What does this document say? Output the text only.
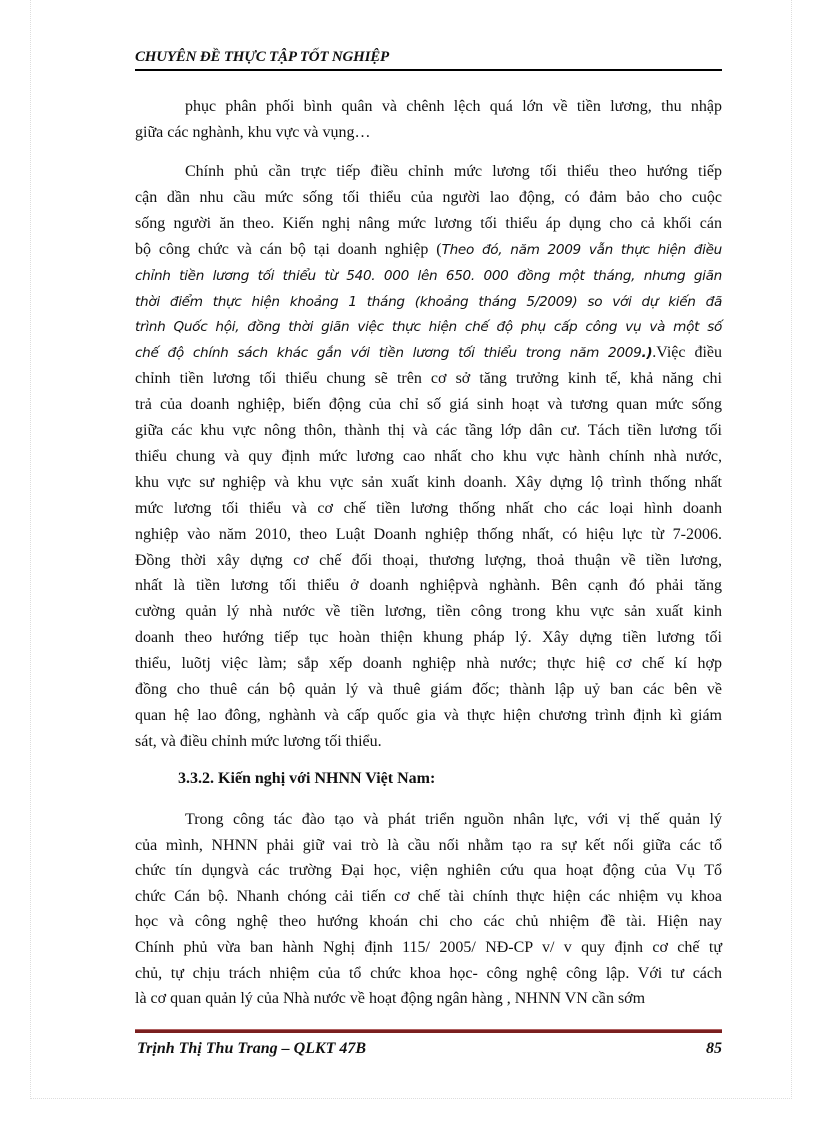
CHUYÊN ĐỀ THỰC TẬP TỐT NGHIỆP
phục phân phối bình quân và chênh lệch quá lớn về tiền lương, thu nhập
giữa các nghành, khu vực và vụng…
Chính phủ cần trực tiếp điều chỉnh mức lương tối thiểu theo hướng tiếp
cận dần nhu cầu mức sống tối thiểu của người lao động, có đảm bảo cho cuộc
sống người ăn theo. Kiến nghị nâng mức lương tối thiểu áp dụng cho cả khối cán
bộ công chức và cán bộ tại doanh nghiệp (Theo đó, năm 2009 vẫn thực hiện điều
chỉnh tiền lương tối thiểu từ 540. 000 lên 650. 000 đồng một tháng, nhưng giãn
thời điểm thực hiện khoảng 1 tháng (khoảng tháng 5/2009) so với dự kiến đã
trình Quốc hội, đồng thời giãn việc thực hiện chế độ phụ cấp công vụ và một số
chế độ chính sách khác gắn với tiền lương tối thiểu trong năm 2009.).Việc điều
chỉnh tiền lương tối thiểu chung sẽ trên cơ sở tăng trưởng kinh tế, khả năng chi
trả của doanh nghiệp, biến động của chỉ số giá sinh hoạt và tương quan mức sống
giữa các khu vực nông thôn, thành thị và các tầng lớp dân cư. Tách tiền lương tối
thiểu chung và quy định mức lương cao nhất cho khu vực hành chính nhà nước,
khu vực sư nghiệp và khu vực sản xuất kinh doanh. Xây dựng lộ trình thống nhất
mức lương tối thiểu và cơ chế tiền lương thống nhất cho các loại hình doanh
nghiệp vào năm 2010, theo Luật Doanh nghiệp thống nhất, có hiệu lực từ 7-2006.
Đồng thời xây dựng cơ chế đối thoại, thương lượng, thoả thuận về tiền lương,
nhất là tiền lương tối thiểu ở doanh nghiệpvà nghành. Bên cạnh đó phải tăng
cường quản lý nhà nước về tiền lương, tiền công trong khu vực sản xuất kinh
doanh theo hướng tiếp tục hoàn thiện khung pháp lý. Xây dựng tiền lương tối
thiểu, luõtj việc làm; sắp xếp doanh nghiệp nhà nước; thực hiệ cơ chế kí hợp
đồng cho thuê cán bộ quản lý và thuê giám đốc; thành lập uỷ ban các bên về
quan hệ lao đông, nghành và cấp quốc gia và thực hiện chương trình định kì giám
sát, và điều chỉnh mức lương tối thiểu.
Trong công tác đào tạo và phát triển nguồn nhân lực, với vị thế quản lý
của mình, NHNN phải giữ vai trò là cầu nối nhằm tạo ra sự kết nối giữa các tổ
chức tín dụngvà các trường Đại học, viện nghiên cứu qua hoạt động của Vụ Tổ
chức Cán bộ. Nhanh chóng cải tiến cơ chế tài chính thực hiện các nhiệm vụ khoa
học và công nghệ theo hướng khoán chi cho các chủ nhiệm đề tài. Hiện nay
Chính phủ vừa ban hành Nghị định 115/ 2005/ NĐ-CP v/ v quy định cơ chế tự
chủ, tự chịu trách nhiệm của tổ chức khoa học- công nghệ công lập. Với tư cách
là cơ quan quản lý của Nhà nước về hoạt động ngân hàng , NHNN VN cần sớm
3.3.2. Kiến nghị với NHNN Việt Nam:
Trịnh Thị Thu Trang – QLKT 47B	85
